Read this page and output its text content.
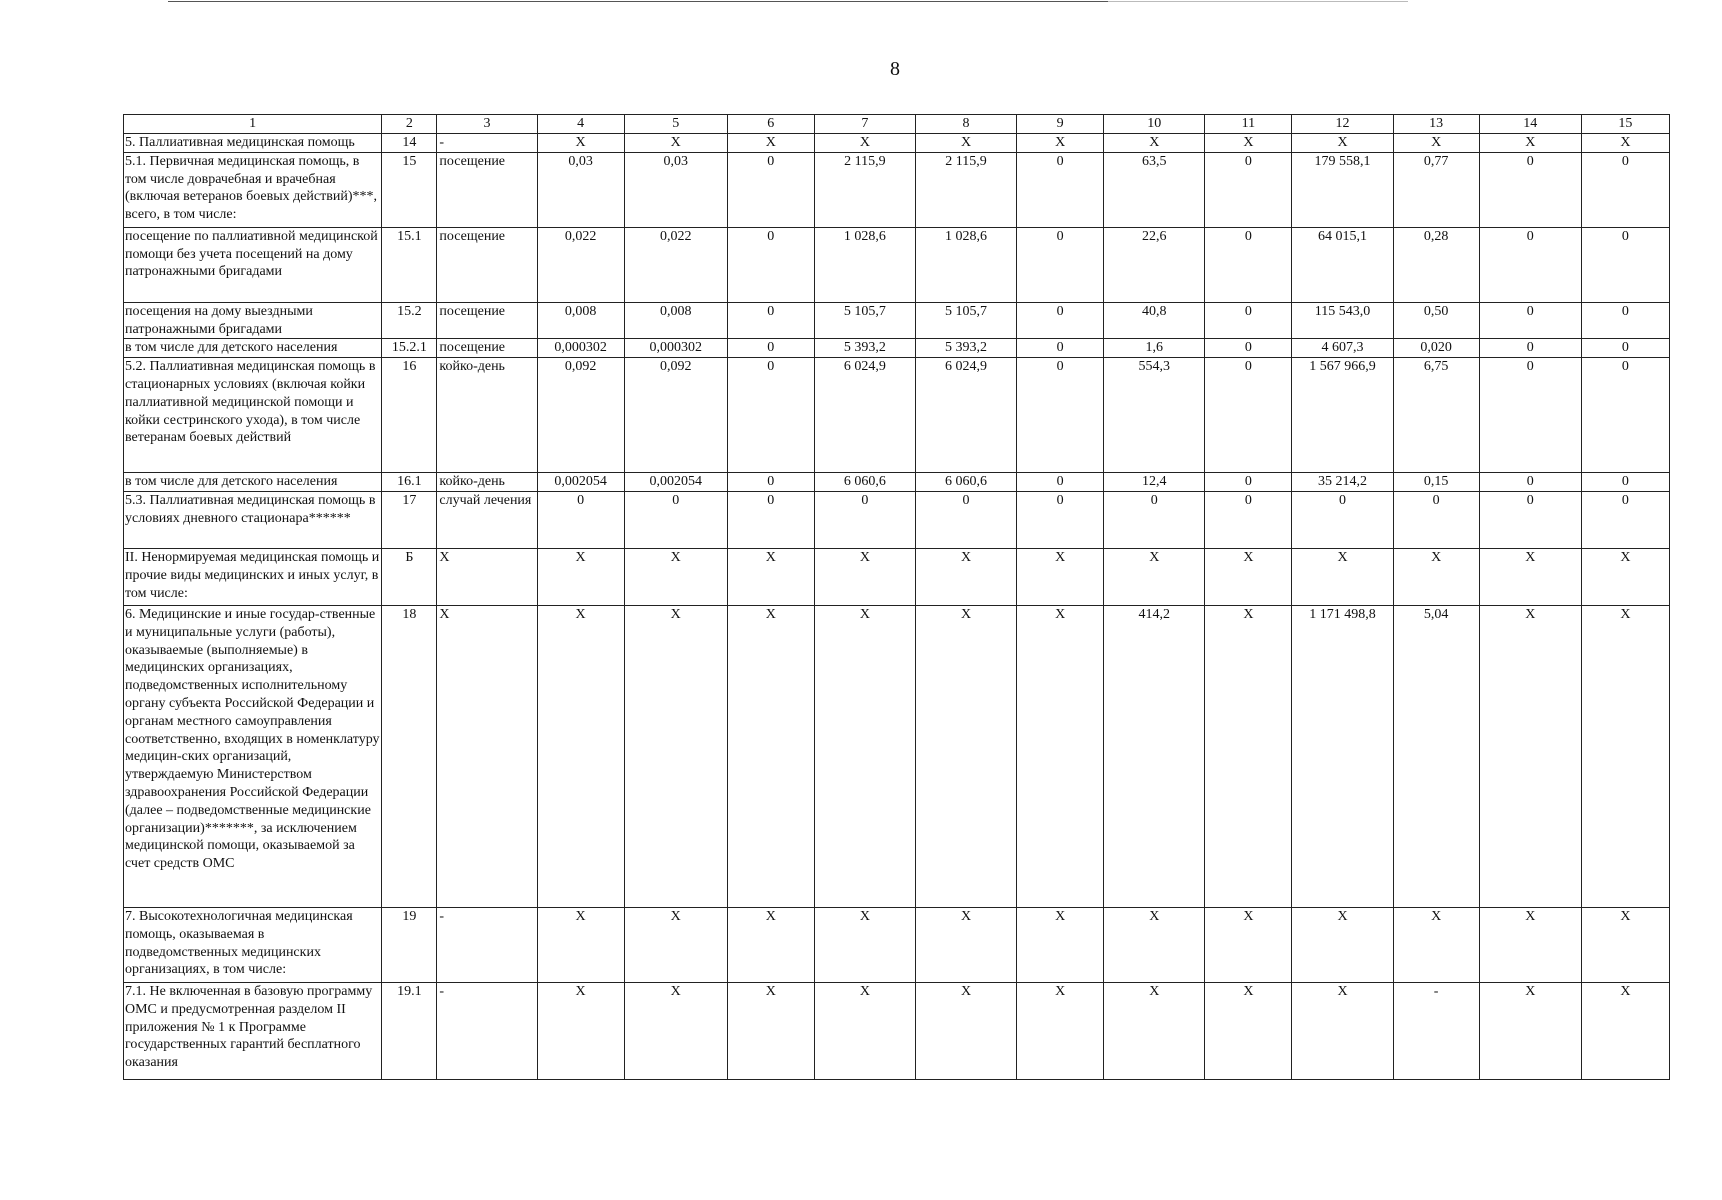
8
1	2	3	4	5	6	7	8	9	10	11	12	13	14	15
5. Паллиативная медицинская помощь	14	-	X	X	X	X	X	X	X	X	X	X	X	X
5.1. Первичная медицинская помощь, в том числе доврачебная и врачебная (включая ветеранов боевых действий)***, всего, в том числе:	15	посещение	0,03	0,03	0	2 115,9	2 115,9	0	63,5	0	179 558,1	0,77	0	0
посещение по паллиативной медицинской помощи без учета посещений на дому патронажными бригадами	15.1	посещение	0,022	0,022	0	1 028,6	1 028,6	0	22,6	0	64 015,1	0,28	0	0
посещения на дому выездными патронажными бригадами	15.2	посещение	0,008	0,008	0	5 105,7	5 105,7	0	40,8	0	115 543,0	0,50	0	0
в том числе для детского населения	15.2.1	посещение	0,000302	0,000302	0	5 393,2	5 393,2	0	1,6	0	4 607,3	0,020	0	0
5.2. Паллиативная медицинская помощь в стационарных условиях (включая койки паллиативной медицинской помощи и койки сестринского ухода), в том числе ветеранам боевых действий	16	койко-день	0,092	0,092	0	6 024,9	6 024,9	0	554,3	0	1 567 966,9	6,75	0	0
в том числе для детского населения	16.1	койко-день	0,002054	0,002054	0	6 060,6	6 060,6	0	12,4	0	35 214,2	0,15	0	0
5.3. Паллиативная медицинская помощь в условиях дневного стационара******	17	случай лечения	0	0	0	0	0	0	0	0	0	0	0	0
II. Ненормируемая медицинская помощь и прочие виды медицинских и иных услуг, в том числе:	Б	X	X	X	X	X	X	X	X	X	X	X	X	X
6. Медицинские и иные государ-ственные и муниципальные услуги (работы), оказываемые (выполняемые) в медицинских организациях, подведомственных исполнительному органу субъекта Российской Федерации и органам местного самоуправления соответственно, входящих в номенклатуру медицин-ских организаций, утверждаемую Министерством здравоохранения Российской Федерации (далее – подведомственные медицинские организации)*******, за исключением медицинской помощи, оказываемой за счет средств ОМС	18	X	X	X	X	X	X	X	414,2	X	1 171 498,8	5,04	X	X
7. Высокотехнологичная медицинская помощь, оказываемая в подведомственных медицинских организациях, в том числе:	19	-	X	X	X	X	X	X	X	X	X	X	X	X
7.1. Не включенная в базовую программу ОМС и предусмотренная разделом II приложения № 1 к Программе государственных гарантий бесплатного оказания	19.1	-	X	X	X	X	X	X	X	X	X	-	X	X
